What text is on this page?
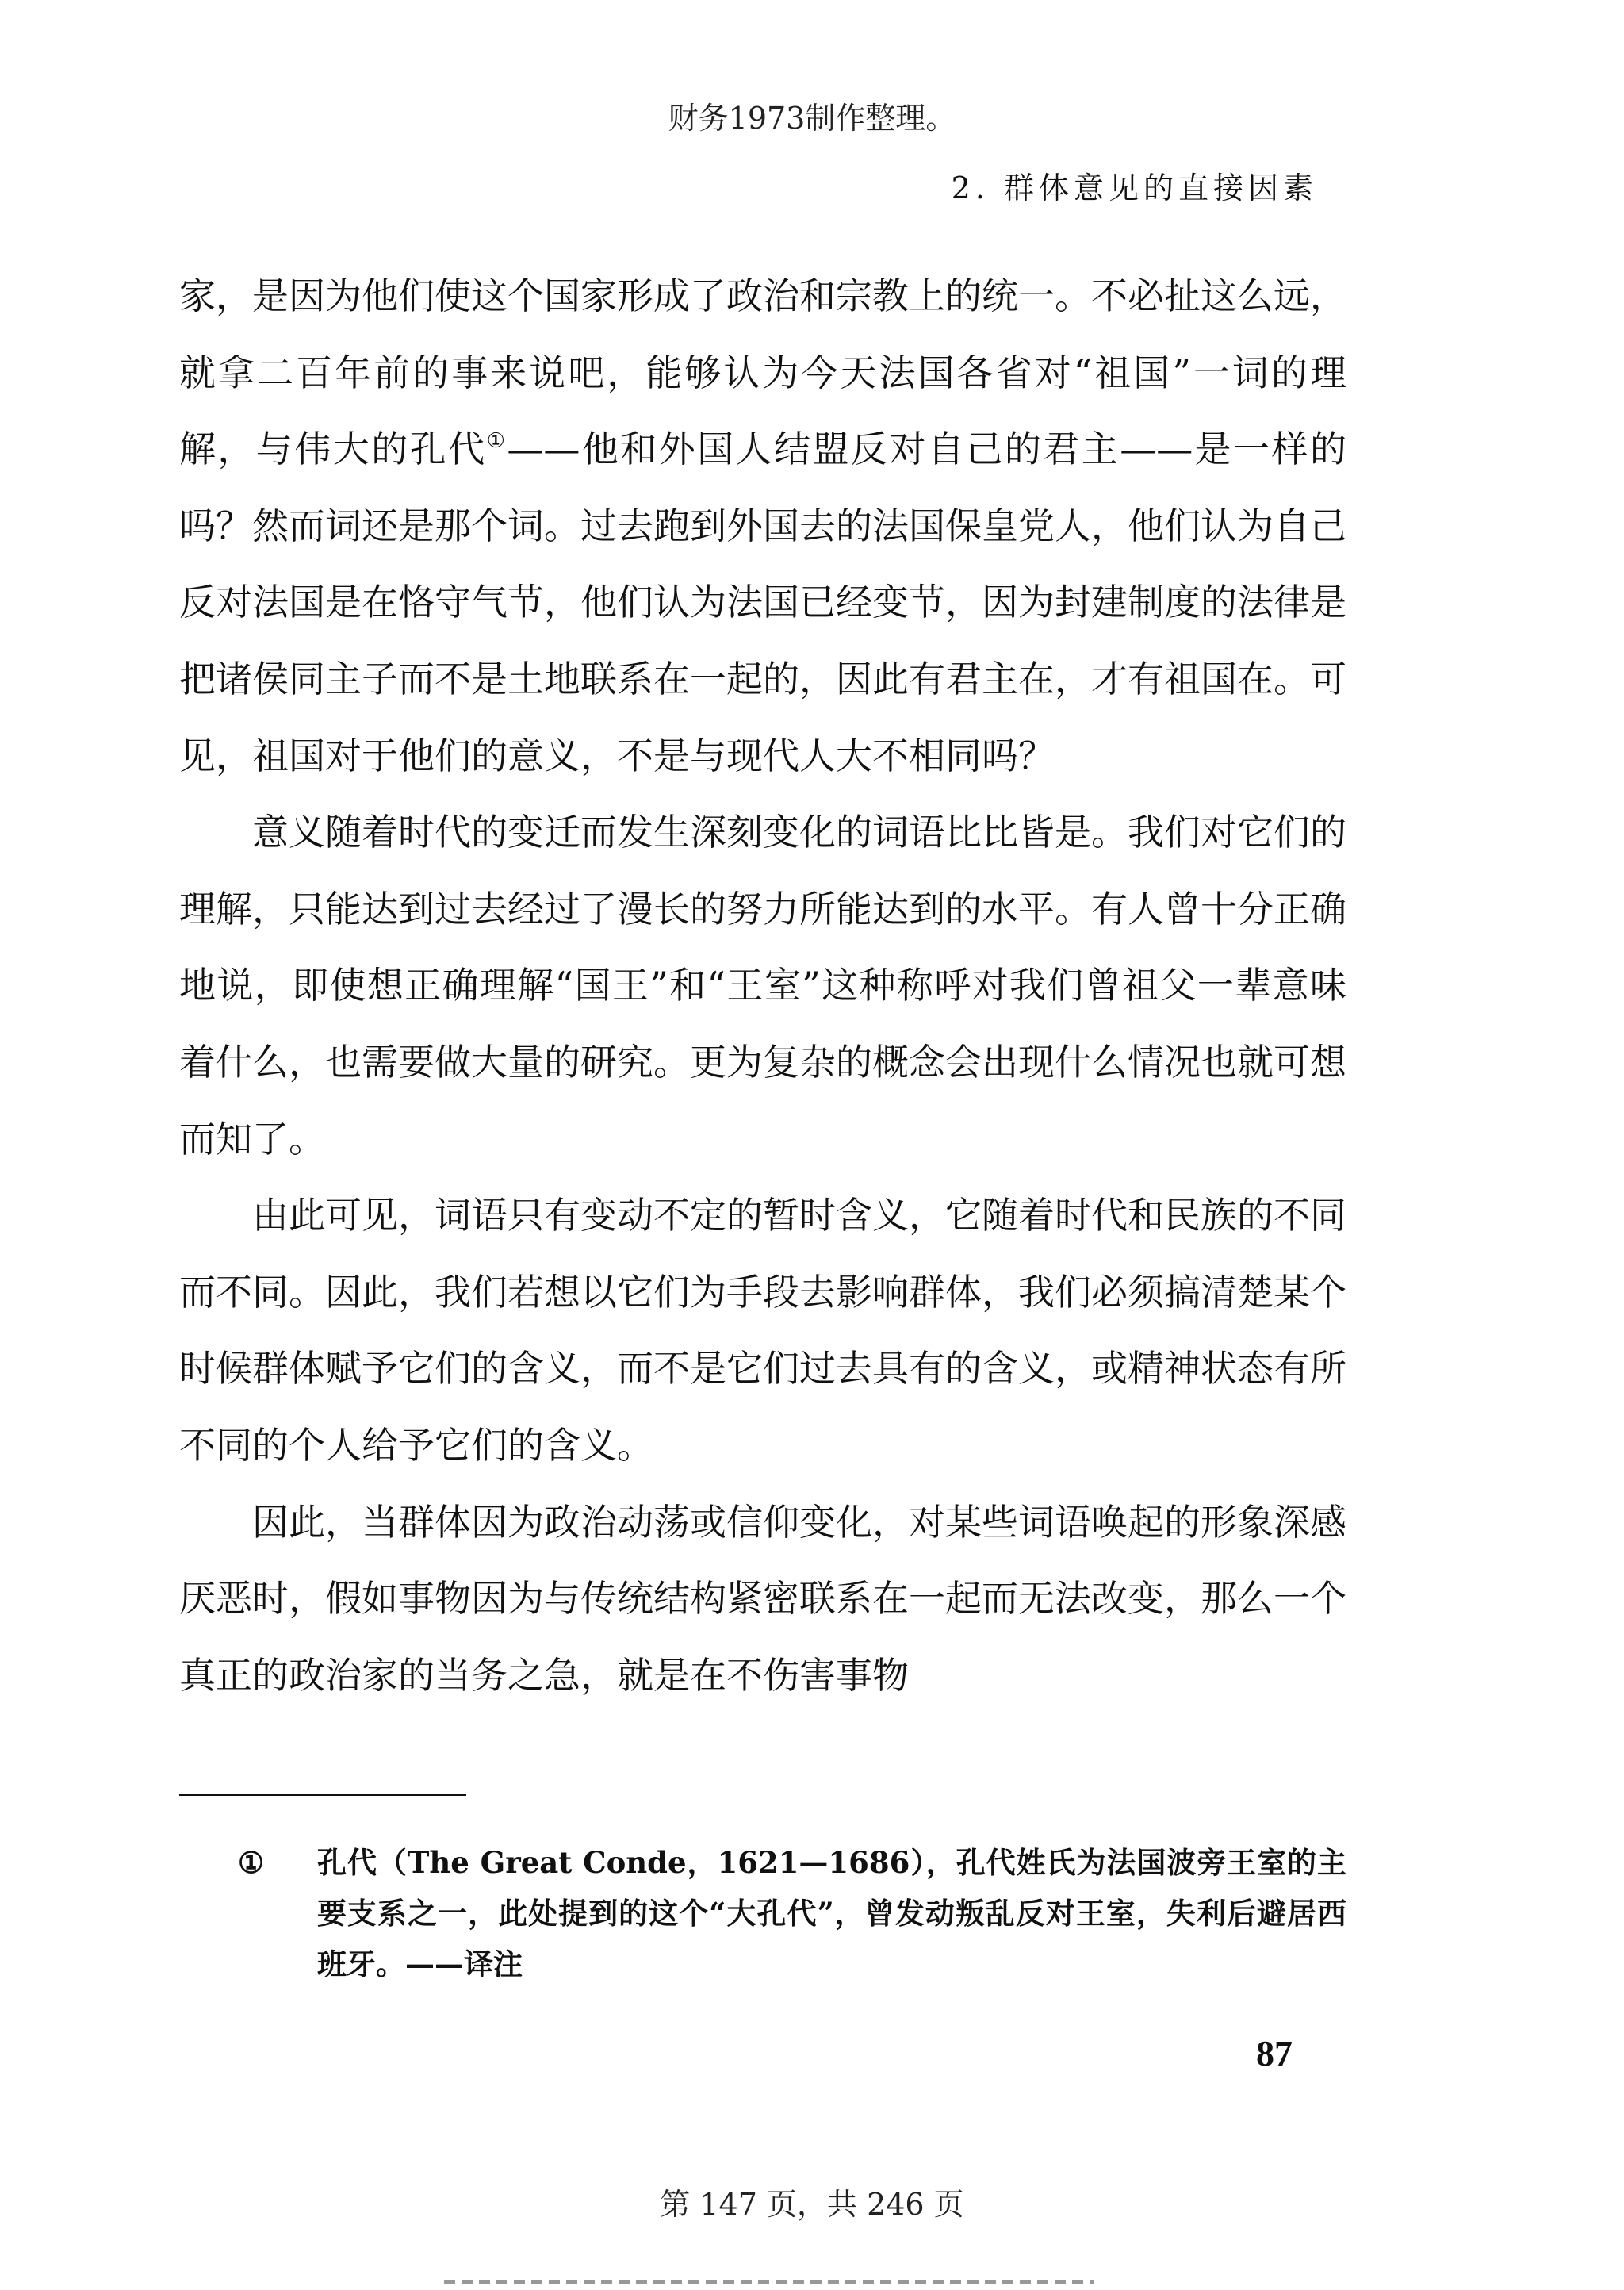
财务1973制作整理。
2. 群体意见的直接因素

家，是因为他们使这个国家形成了政治和宗教上的统一。不必扯这么远，就拿二百年前的事来说吧，能够认为今天法国各省对“祖国”一词的理解，与伟大的孔代①——他和外国人结盟反对自己的君主——是一样的吗？然而词还是那个词。过去跑到外国去的法国保皇党人，他们认为自己反对法国是在恪守气节，他们认为法国已经变节，因为封建制度的法律是把诸侯同主子而不是土地联系在一起的，因此有君主在，才有祖国在。可见，祖国对于他们的意义，不是与现代人大不相同吗？

意义随着时代的变迁而发生深刻变化的词语比比皆是。我们对它们的理解，只能达到过去经过了漫长的努力所能达到的水平。有人曾十分正确地说，即使想正确理解“国王”和“王室”这种称呼对我们曾祖父一辈意味着什么，也需要做大量的研究。更为复杂的概念会出现什么情况也就可想而知了。

由此可见，词语只有变动不定的暂时含义，它随着时代和民族的不同而不同。因此，我们若想以它们为手段去影响群体，我们必须搞清楚某个时候群体赋予它们的含义，而不是它们过去具有的含义，或精神状态有所不同的个人给予它们的含义。

因此，当群体因为政治动荡或信仰变化，对某些词语唤起的形象深感厌恶时，假如事物因为与传统结构紧密联系在一起而无法改变，那么一个真正的政治家的当务之急，就是在不伤害事物

① 孔代（The Great Conde，1621—1686），孔代姓氏为法国波旁王室的主要支系之一，此处提到的这个“大孔代”，曾发动叛乱反对王室，失利后避居西班牙。——译注
87
第 147 页，共 246 页
